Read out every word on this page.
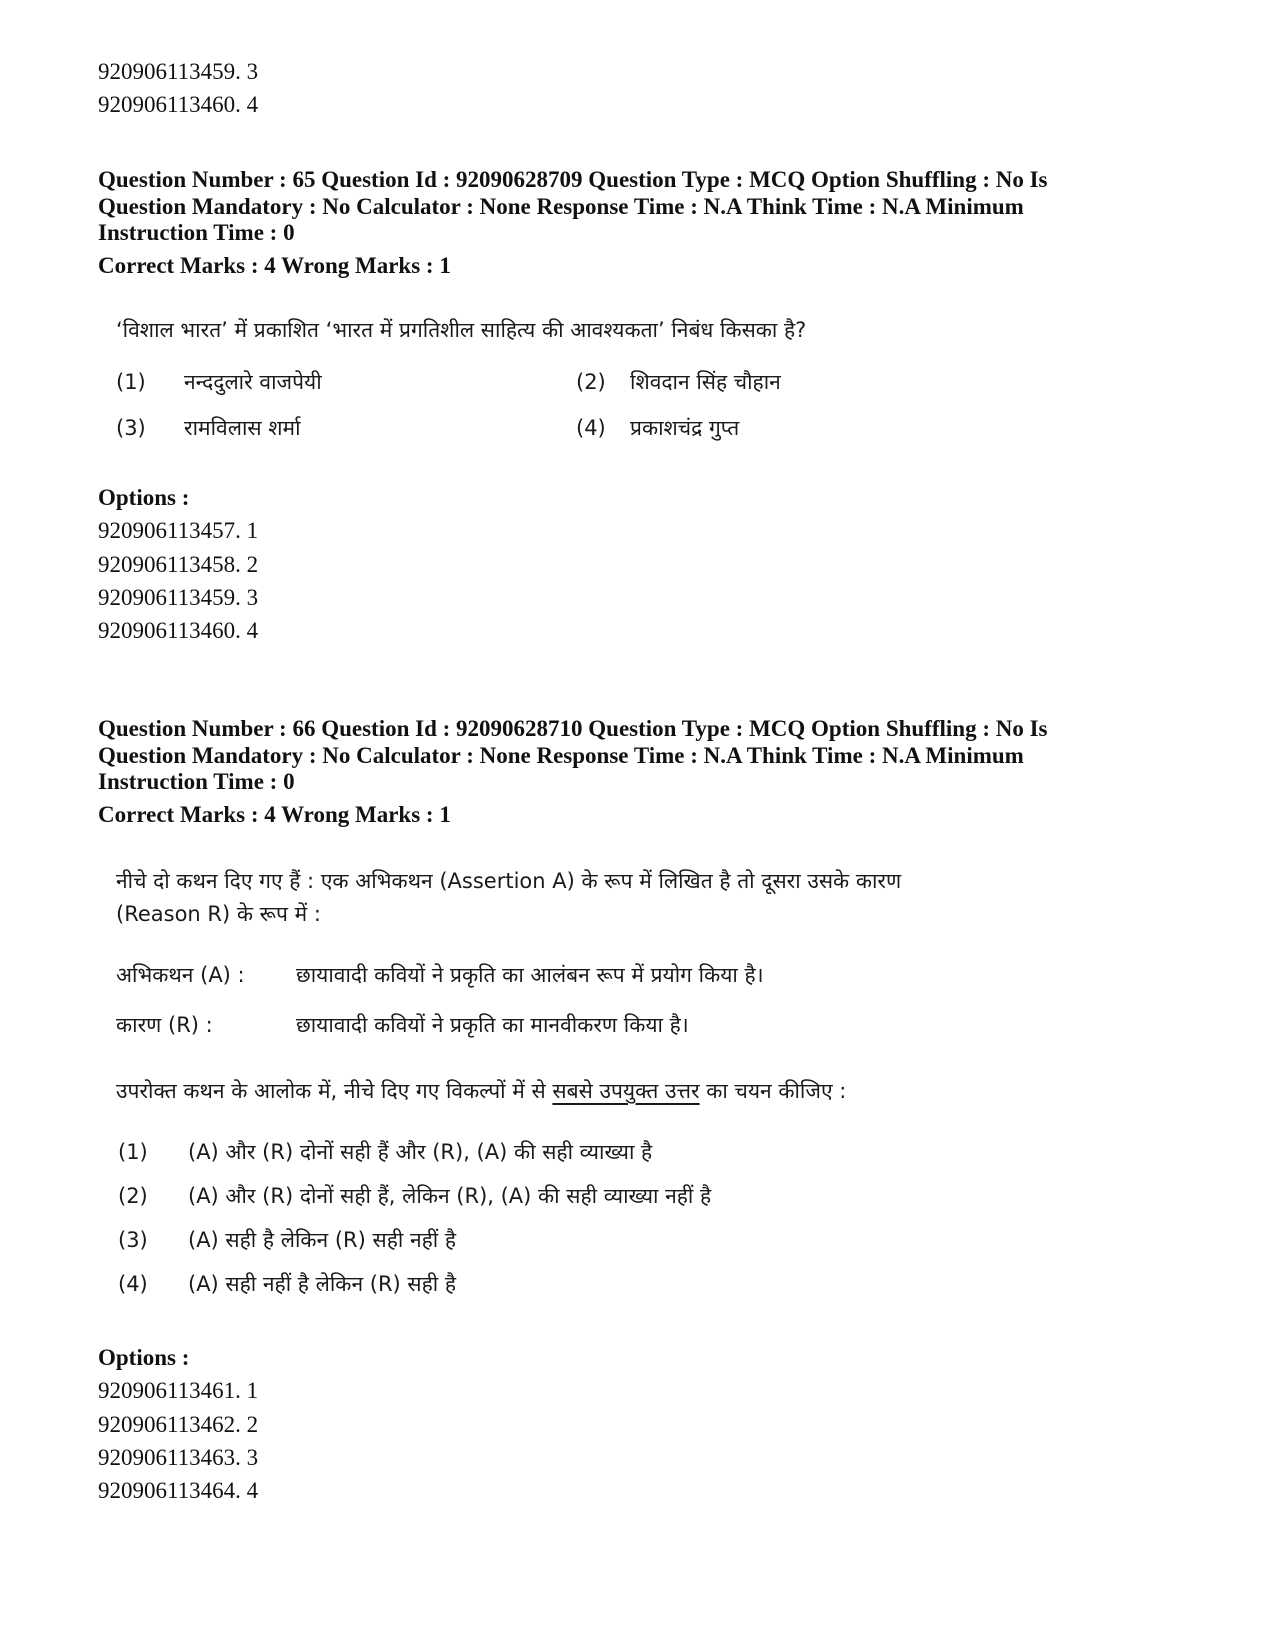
920906113459. 3
920906113460. 4
Question Number : 65 Question Id : 92090628709 Question Type : MCQ Option Shuffling : No Is
Question Mandatory : No Calculator : None Response Time : N.A Think Time : N.A Minimum
Instruction Time : 0
Correct Marks : 4 Wrong Marks : 1
‘विशाल भारत’ में प्रकाशित ‘भारत में प्रगतिशील साहित्य की आवश्यकता’ निबंध किसका है?
(1) नन्ददुलारे वाजपेयी	(2) शिवदान सिंह चौहान
(3) रामविलास शर्मा	(4) प्रकाशचंद्र गुप्त
Options :
920906113457. 1
920906113458. 2
920906113459. 3
920906113460. 4
Question Number : 66 Question Id : 92090628710 Question Type : MCQ Option Shuffling : No Is
Question Mandatory : No Calculator : None Response Time : N.A Think Time : N.A Minimum
Instruction Time : 0
Correct Marks : 4 Wrong Marks : 1
नीचे दो कथन दिए गए हैं : एक अभिकथन (Assertion A) के रूप में लिखित है तो दूसरा उसके कारण
(Reason R) के रूप में :
अभिकथन (A) : छायावादी कवियों ने प्रकृति का आलंबन रूप में प्रयोग किया है।
कारण (R) :	छायावादी कवियों ने प्रकृति का मानवीकरण किया है।
उपरोक्त कथन के आलोक में, नीचे दिए गए विकल्पों में से सबसे उपयुक्त उत्तर का चयन कीजिए :
(1) (A) और (R) दोनों सही हैं और (R), (A) की सही व्याख्या है
(2) (A) और (R) दोनों सही हैं, लेकिन (R), (A) की सही व्याख्या नहीं है
(3) (A) सही है लेकिन (R) सही नहीं है
(4) (A) सही नहीं है लेकिन (R) सही है
Options :
920906113461. 1
920906113462. 2
920906113463. 3
920906113464. 4
